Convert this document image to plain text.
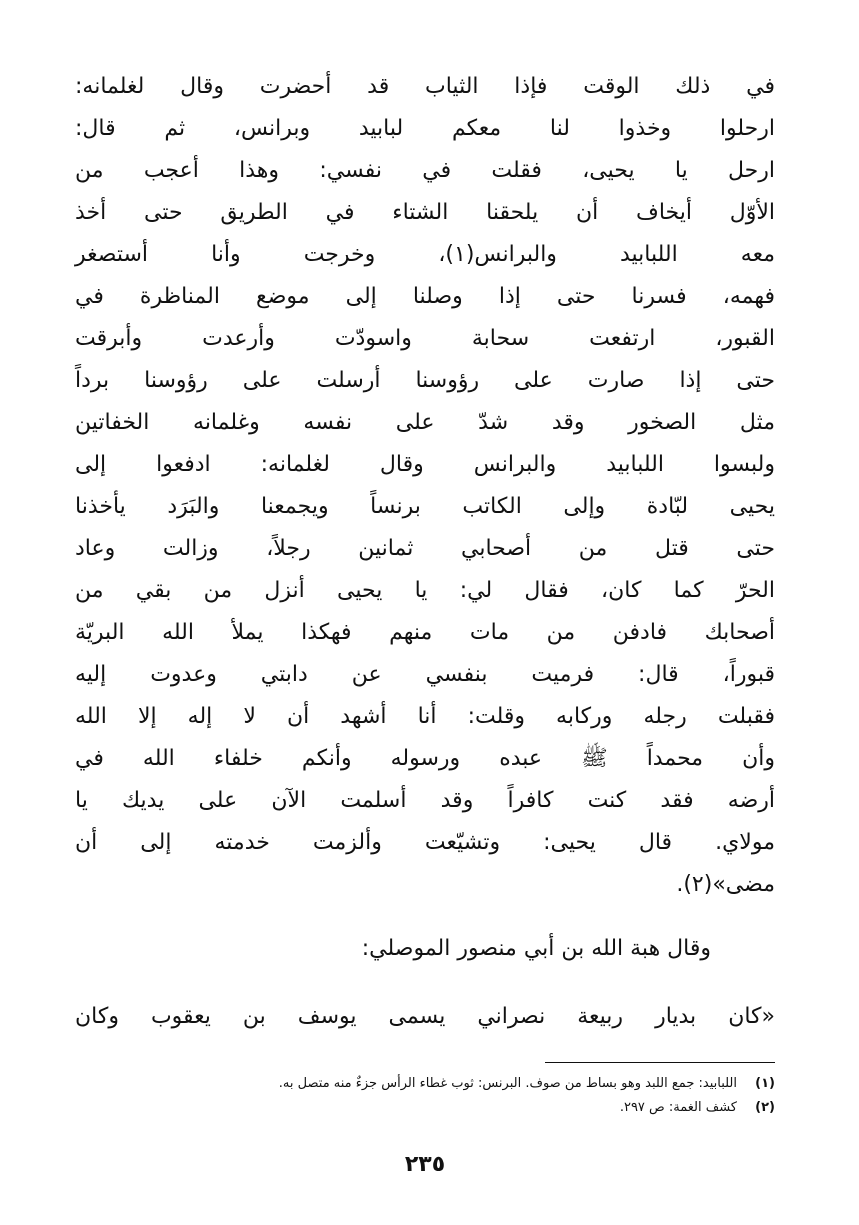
في ذلك الوقت فإذا الثياب قد أحضرت وقال لغلمانه:
ارحلوا وخذوا لنا معكم لبابيد وبرانس، ثم قال:
ارحل يا يحيى، فقلت في نفسي: وهذا أعجب من
الأوّل أيخاف أن يلحقنا الشتاء في الطريق حتى أخذ
معه اللبابيد والبرانس(١)، وخرجت وأنا أستصغر
فهمه، فسرنا حتى إذا وصلنا إلى موضع المناظرة في
القبور، ارتفعت سحابة واسودّت وأرعدت وأبرقت
حتى إذا صارت على رؤوسنا أرسلت على رؤوسنا برداً
مثل الصخور وقد شدّ على نفسه وغلمانه الخفاتين
ولبسوا اللبابيد والبرانس وقال لغلمانه: ادفعوا إلى
يحيى لبّادة وإلى الكاتب برنساً ويجمعنا والبَرَد يأخذنا
حتى قتل من أصحابي ثمانين رجلاً، وزالت وعاد
الحرّ كما كان، فقال لي: يا يحيى أنزل من بقي من
أصحابك فادفن من مات منهم فهكذا يملأ الله البريّة
قبوراً، قال: فرميت بنفسي عن دابتي وعدوت إليه
فقبلت رجله وركابه وقلت: أنا أشهد أن لا إله إلا الله
وأن محمداً ﷺ عبده ورسوله وأنكم خلفاء الله في
أرضه فقد كنت كافراً وقد أسلمت الآن على يديك يا
مولاي. قال يحيى: وتشيّعت وألزمت خدمته إلى أن
مضى»(٢).
وقال هبة الله بن أبي منصور الموصلي:
«كان بديار ربيعة نصراني يسمى يوسف بن يعقوب وكان
(١)اللبابيد: جمع اللبد وهو بساط من صوف. البرنس: ثوب غطاء الرأس جزءٌ منه متصل به.
(٢)كشف الغمة: ص ٢٩٧.
٢٣٥
